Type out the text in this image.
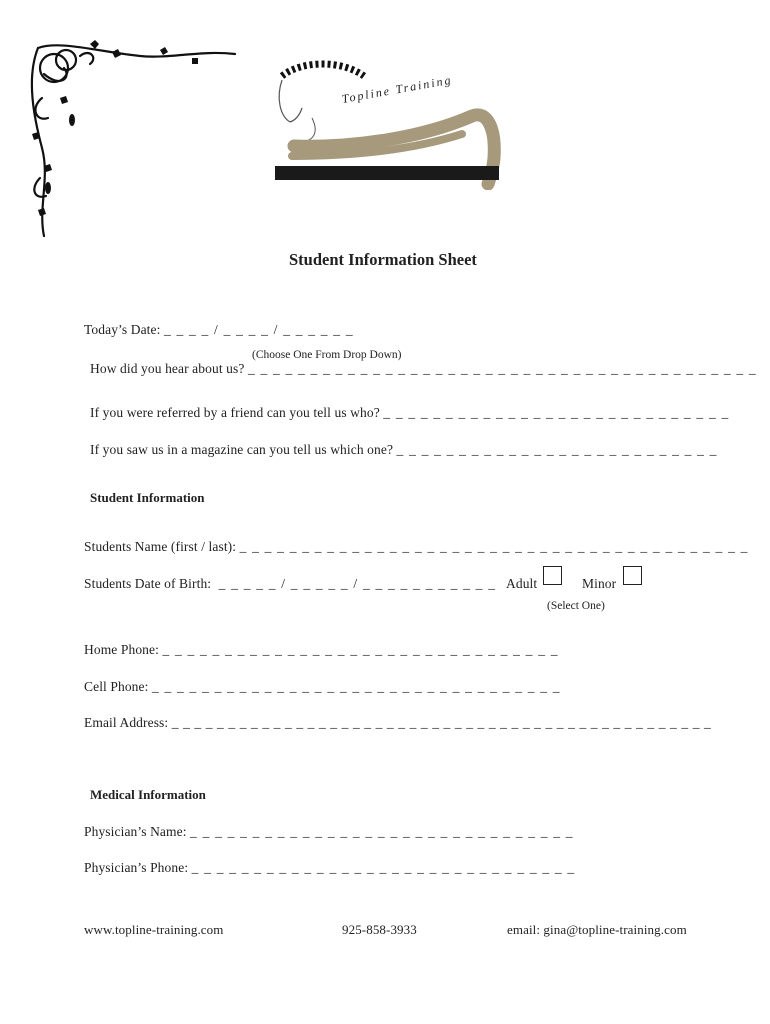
Topline Training
Student Information Sheet
Today’s Date: _ _ _ _ / _ _ _ _ / _ _ _ _ _ _
(Choose One From Drop Down)
How did you hear about us? _ _ _ _ _ _ _ _ _ _ _ _ _ _ _ _ _ _ _ _ _ _ _ _ _ _ _ _ _ _ _ _ _ _ _ _ _ _ _ _ _
If you were referred by a friend can you tell us who? _ _ _ _ _ _ _ _ _ _ _ _ _ _ _ _ _ _ _ _ _ _ _ _ _ _ _ _
If you saw us in a magazine can you tell us which one? _ _ _ _ _ _ _ _ _ _ _ _ _ _ _ _ _ _ _ _ _ _ _ _ _ _
Student Information
Students Name (first / last): _ _ _ _ _ _ _ _ _ _ _ _ _ _ _ _ _ _ _ _ _ _ _ _ _ _ _ _ _ _ _ _ _ _ _ _ _ _ _ _ _
Students Date of Birth: _ _ _ _ _ / _ _ _ _ _ / _ _ _ _ _ _ _ _ _ _ _ Adult	Minor
(Select One)
Home Phone: _ _ _ _ _ _ _ _ _ _ _ _ _ _ _ _ _ _ _ _ _ _ _ _ _ _ _ _ _ _ _ _
Cell Phone: _ _ _ _ _ _ _ _ _ _ _ _ _ _ _ _ _ _ _ _ _ _ _ _ _ _ _ _ _ _ _ _ _
Email Address: _ _ _ _ _ _ _ _ _ _ _ _ _ _ _ _ _ _ _ _ _ _ _ _ _ _ _ _ _ _ _ _ _ _ _ _ _ _ _ _ _ _ _ _ _ _ _ _
Medical Information
Physician’s Name: _ _ _ _ _ _ _ _ _ _ _ _ _ _ _ _ _ _ _ _ _ _ _ _ _ _ _ _ _ _ _
Physician’s Phone: _ _ _ _ _ _ _ _ _ _ _ _ _ _ _ _ _ _ _ _ _ _ _ _ _ _ _ _ _ _ _
www.topline-training.com	925-858-3933	email: gina@topline-training.com
